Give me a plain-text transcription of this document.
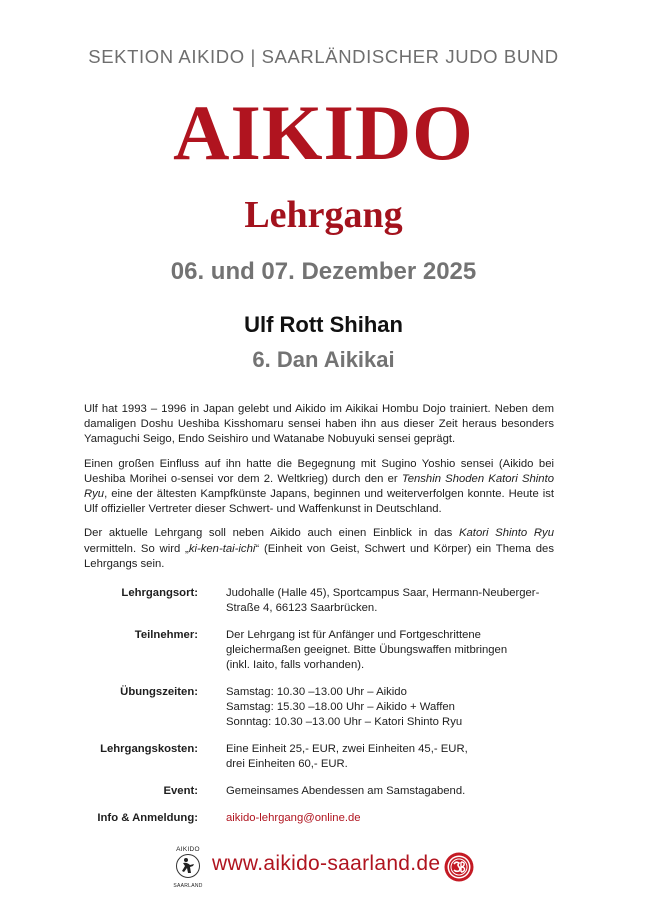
SEKTION AIKIDO | SAARLÄNDISCHER JUDO BUND
AIKIDO
Lehrgang
06. und 07. Dezember 2025
Ulf Rott Shihan
6. Dan Aikikai

Ulf hat 1993 – 1996 in Japan gelebt und Aikido im Aikikai Hombu Dojo trainiert. Neben dem damaligen Doshu Ueshiba Kisshomaru sensei haben ihn aus dieser Zeit heraus besonders Yamaguchi Seigo, Endo Seishiro und Watanabe Nobuyuki sensei geprägt.

Einen großen Einfluss auf ihn hatte die Begegnung mit Sugino Yoshio sensei (Aikido bei Ueshiba Morihei o-sensei vor dem 2. Weltkrieg) durch den er Tenshin Shoden Katori Shinto Ryu, eine der ältesten Kampfkünste Japans, beginnen und weiterverfolgen konnte. Heute ist Ulf offizieller Vertreter dieser Schwert- und Waffenkunst in Deutschland.

Der aktuelle Lehrgang soll neben Aikido auch einen Einblick in das Katori Shinto Ryu vermitteln. So wird „ki-ken-tai-ichi“ (Einheit von Geist, Schwert und Körper) ein Thema des Lehrgangs sein.

Lehrgangsort: Judohalle (Halle 45), Sportcampus Saar, Hermann-Neuberger-
Straße 4, 66123 Saarbrücken.
Teilnehmer: Der Lehrgang ist für Anfänger und Fortgeschrittene
gleichermaßen geeignet. Bitte Übungswaffen mitbringen
(inkl. Iaito, falls vorhanden).
Übungszeiten: Samstag: 10.30 –13.00 Uhr – Aikido
Samstag: 15.30 –18.00 Uhr – Aikido + Waffen
Sonntag: 10.30 –13.00 Uhr – Katori Shinto Ryu
Lehrgangskosten: Eine Einheit 25,- EUR, zwei Einheiten 45,- EUR,
drei Einheiten 60,- EUR.
Event: Gemeinsames Abendessen am Samstagabend.
Info & Anmeldung: aikido-lehrgang@online.de
AIKIDO
SAARLAND
www.aikido-saarland.de
